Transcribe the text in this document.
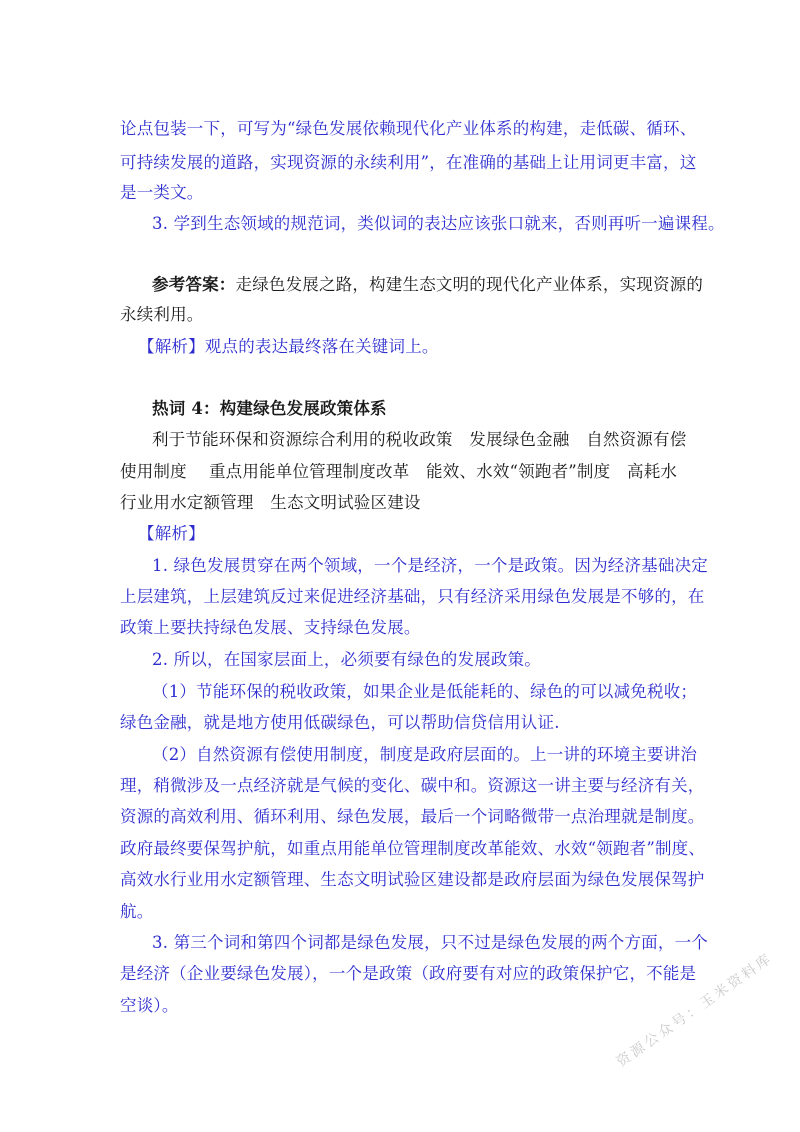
论点包装一下，可写为“绿色发展依赖现代化产业体系的构建，走低碳、循环、
可持续发展的道路，实现资源的永续利用”，在准确的基础上让用词更丰富，这
是一类文。
3. 学到生态领域的规范词，类似词的表达应该张口就来，否则再听一遍课程。
参考答案：走绿色发展之路，构建生态文明的现代化产业体系，实现资源的
永续利用。
【解析】观点的表达最终落在关键词上。
热词 4：构建绿色发展政策体系
利于节能环保和资源综合利用的税收政策　发展绿色金融　自然资源有偿
使用制度　 重点用能单位管理制度改革　能效、水效“领跑者”制度　高耗水
行业用水定额管理　生态文明试验区建设
【解析】
1. 绿色发展贯穿在两个领域，一个是经济，一个是政策。因为经济基础决定
上层建筑，上层建筑反过来促进经济基础，只有经济采用绿色发展是不够的，在
政策上要扶持绿色发展、支持绿色发展。
2. 所以，在国家层面上，必须要有绿色的发展政策。
（1）节能环保的税收政策，如果企业是低能耗的、绿色的可以减免税收；
绿色金融，就是地方使用低碳绿色，可以帮助信贷信用认证.
（2）自然资源有偿使用制度，制度是政府层面的。上一讲的环境主要讲治
理，稍微涉及一点经济就是气候的变化、碳中和。资源这一讲主要与经济有关，
资源的高效利用、循环利用、绿色发展，最后一个词略微带一点治理就是制度。
政府最终要保驾护航，如重点用能单位管理制度改革能效、水效“领跑者”制度、
高效水行业用水定额管理、生态文明试验区建设都是政府层面为绿色发展保驾护
航。
3. 第三个词和第四个词都是绿色发展，只不过是绿色发展的两个方面，一个
是经济（企业要绿色发展），一个是政策（政府要有对应的政策保护它，不能是
空谈）。	资源公众号：玉米资料库
